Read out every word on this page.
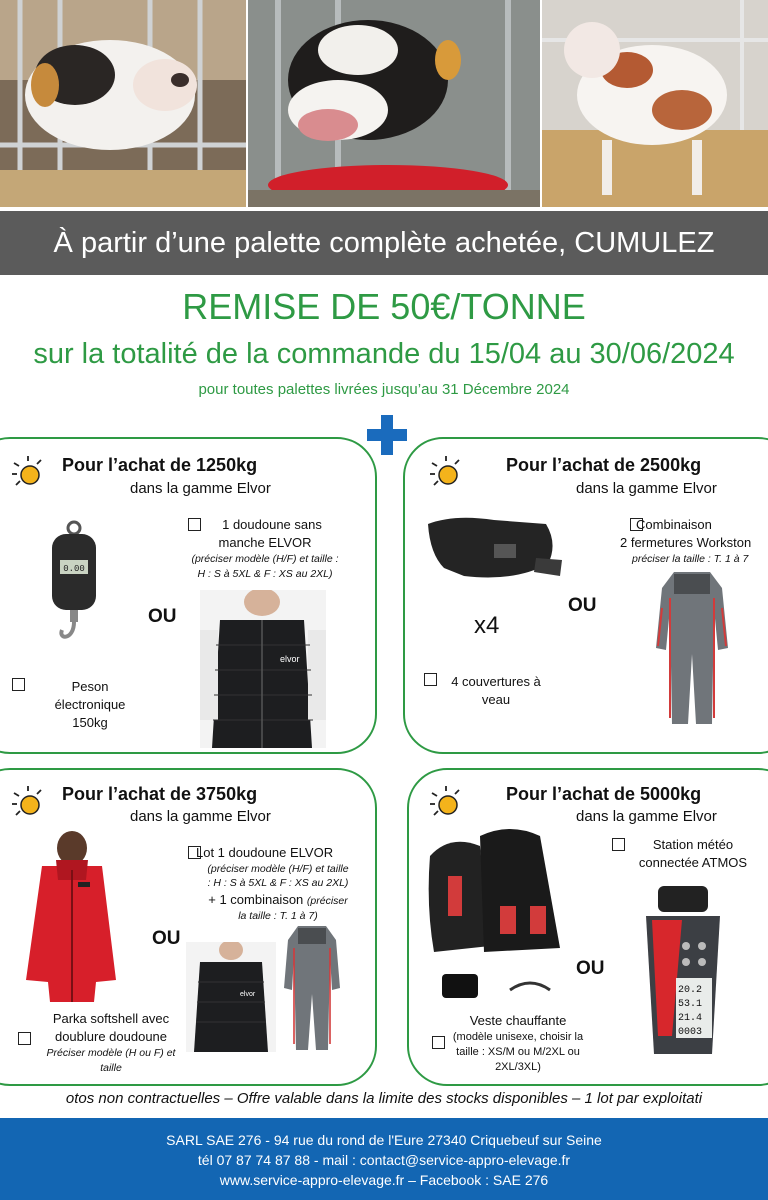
À partir d’une palette complète achetée, CUMULEZ
REMISE DE 50€/TONNE
sur la totalité de la commande du 15/04 au 30/06/2024
pour toutes palettes livrées jusqu’au 31 Décembre 2024
Pour l’achat de 1250kg
dans la gamme Elvor
0.00
Peson
électronique
150kg
OU
1 doudoune sans
manche ELVOR
(préciser modèle (H/F) et taille :
H : S à 5XL & F : XS au 2XL)
elvor
Pour l’achat de 2500kg
dans la gamme Elvor
x4
4 couvertures à
veau
OU
Combinaison
2 fermetures Workston
préciser la taille : T. 1 à 7
Pour l’achat de 3750kg
dans la gamme Elvor
Parka softshell avec
doublure doudoune
Préciser modèle (H ou F) et
taille
OU
Lot 1 doudoune ELVOR
(préciser modèle (H/F) et taille
: H : S à 5XL & F : XS au 2XL)
+ 1 combinaison (préciser
la taille : T. 1 à 7)
elvor
Pour l’achat de 5000kg
dans la gamme Elvor
Veste chauffante
(modèle unisexe, choisir la
taille : XS/M ou M/2XL ou
2XL/3XL)
OU
Station météo
connectée ATMOS
20.2
53.1
21.4
0003
otos non contractuelles – Offre valable dans la limite des stocks disponibles – 1 lot par exploitati
SARL SAE 276 - 94 rue du rond de l'Eure 27340 Criquebeuf sur Seine
tél 07 87 74 87 88 - mail : contact@service-appro-elevage.fr
www.service-appro-elevage.fr – Facebook : SAE 276
